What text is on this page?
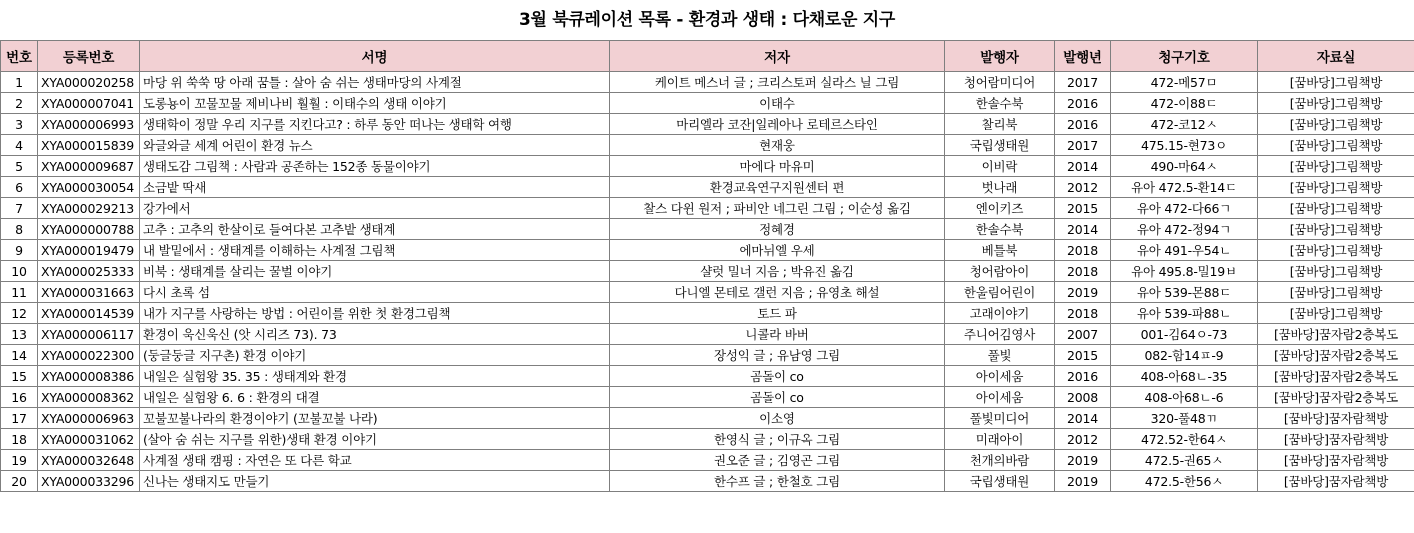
3월 북큐레이션 목록 - 환경과 생태 : 다채로운 지구
번호	등록번호	서명	저자	발행자	발행년	청구기호	자료실
1	XYA000020258	마당 위 쑥쑥 땅 아래 꿈틀 : 살아 숨 쉬는 생태마당의 사계절	케이트 메스너 글 ; 크리스토퍼 실라스 닐 그림	청어람미디어	2017	472-메57ㅁ	[꿈바당]그림책방
2	XYA000007041	도롱뇽이 꼬물꼬물 제비나비 훨훨 : 이태수의 생태 이야기	이태수	한솔수북	2016	472-이88ㄷ	[꿈바당]그림책방
3	XYA000006993	생태학이 정말 우리 지구를 지킨다고? : 하루 동안 떠나는 생태학 여행	마리엘라 코잔|일레아나 로테르스타인	찰리북	2016	472-코12ㅅ	[꿈바당]그림책방
4	XYA000015839	와글와글 세계 어린이 환경 뉴스	현재웅	국립생태원	2017	475.15-현73ㅇ	[꿈바당]그림책방
5	XYA000009687	생태도감 그림책 : 사람과 공존하는 152종 동물이야기	마에다 마유미	이비락	2014	490-마64ㅅ	[꿈바당]그림책방
6	XYA000030054	소금밭 딱새	환경교육연구지원센터 편	벗나래	2012	유아 472.5-환14ㄷ	[꿈바당]그림책방
7	XYA000029213	강가에서	찰스 다윈 원저 ; 파비안 네그린 그림 ; 이순성 옮김	엔이키즈	2015	유아 472-다66ㄱ	[꿈바당]그림책방
8	XYA000000788	고추 : 고추의 한살이로 들여다본 고추밭 생태계	정혜경	한솔수북	2014	유아 472-정94ㄱ	[꿈바당]그림책방
9	XYA000019479	내 발밑에서 : 생태계를 이해하는 사계절 그림책	에마뉘엘 우세	베틀북	2018	유아 491-우54ㄴ	[꿈바당]그림책방
10	XYA000025333	비북 : 생태계를 살리는 꿀벌 이야기	샬럿 밀너 지음 ; 박유진 옮김	청어람아이	2018	유아 495.8-밀19ㅂ	[꿈바당]그림책방
11	XYA000031663	다시 초록 섬	다니엘 몬테로 갤런 지음 ; 유영초 해설	한울림어린이	2019	유아 539-몬88ㄷ	[꿈바당]그림책방
12	XYA000014539	내가 지구를 사랑하는 방법 : 어린이를 위한 첫 환경그림책	토드 파	고래이야기	2018	유아 539-파88ㄴ	[꿈바당]그림책방
13	XYA000006117	환경이 욱신욱신 (앗 시리즈 73). 73	니콜라 바버	주니어김영사	2007	001-김64ㅇ-73	[꿈바당]꿈자람2층복도
14	XYA000022300	(둥글둥글 지구촌) 환경 이야기	장성익 글 ; 유남영 그림	풀빛	2015	082-함14ㅍ-9	[꿈바당]꿈자람2층복도
15	XYA000008386	내일은 실험왕 35. 35 : 생태계와 환경	곰돌이 co	아이세움	2016	408-아68ㄴ-35	[꿈바당]꿈자람2층복도
16	XYA000008362	내일은 실험왕 6. 6 : 환경의 대결	곰돌이 co	아이세움	2008	408-아68ㄴ-6	[꿈바당]꿈자람2층복도
17	XYA000006963	꼬불꼬불나라의 환경이야기 (꼬불꼬불 나라)	이소영	풀빛미디어	2014	320-풀48ㄲ	[꿈바당]꿈자람책방
18	XYA000031062	(살아 숨 쉬는 지구를 위한)생태 환경 이야기	한영식 글 ; 이규옥 그림	미래아이	2012	472.52-한64ㅅ	[꿈바당]꿈자람책방
19	XYA000032648	사계절 생태 캠핑 : 자연은 또 다른 학교	권오준 글 ; 김영곤 그림	천개의바람	2019	472.5-권65ㅅ	[꿈바당]꿈자람책방
20	XYA000033296	신나는 생태지도 만들기	한수프 글 ; 한철호 그림	국립생태원	2019	472.5-한56ㅅ	[꿈바당]꿈자람책방
